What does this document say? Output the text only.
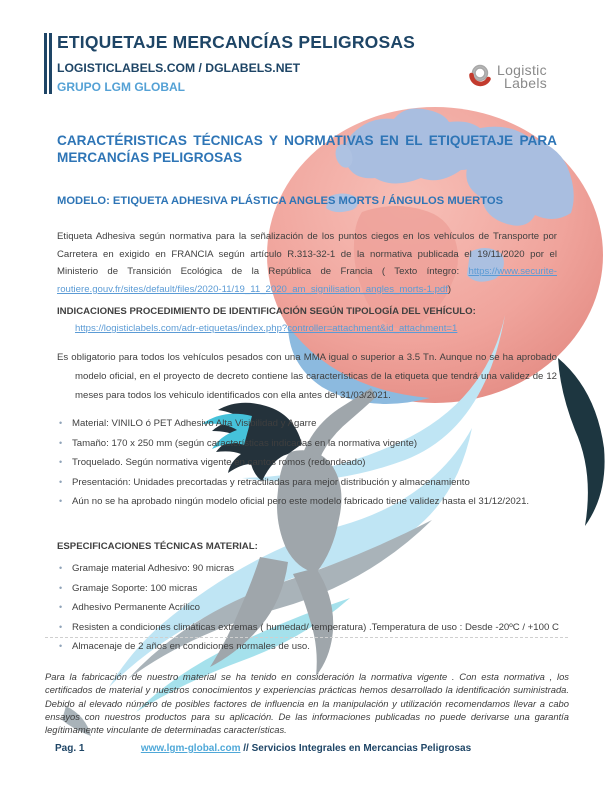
ETIQUETAJE MERCANCÍAS PELIGROSAS
LOGISTICLABELS.COM / DGLABELS.NET
GRUPO LGM GLOBAL
Logistic
Labels
CARACTÉRISTICAS TÉCNICAS Y NORMATIVAS EN EL ETIQUETAJE PARA MERCANCÍAS PELIGROSAS
MODELO: ETIQUETA ADHESIVA PLÁSTICA ANGLES MORTS / ÁNGULOS MUERTOS
Etiqueta Adhesiva según normativa para la señalización de los puntos ciegos en los vehículos de Transporte por Carretera en exigido en FRANCIA según artículo R.313-32-1 de la normativa publicada el 19/11/2020 por el Ministerio de Transición Ecológica de la República de Francia ( Texto íntegro: https://www.securite-routiere.gouv.fr/sites/default/files/2020-11/19_11_2020_am_signilisation_angles_morts-1.pdf)
INDICACIONES PROCEDIMIENTO DE IDENTIFICACIÓN SEGÚN TIPOLOGÍA DEL VEHÍCULO:
https://logisticlabels.com/adr-etiquetas/index.php?controller=attachment&id_attachment=1
Es obligatorio para todos los vehículos pesados con una MMA igual o superior a 3.5 Tn. Aunque no se ha aprobado modelo oficial, en el proyecto de decreto contiene las características de la etiqueta que tendrá una validez de 12 meses para todos los vehiculo identificados con ella antes del 31/03/2021.
• Material: VINILO ó PET Adhesivo Alta Visibilidad y Agarre
• Tamaño: 170 x 250 mm (según características indicadas en la normativa vigente)
• Troquelado. Según normativa vigente en cantos romos (redondeado)
• Presentación: Unidades precortadas y retractiladas para mejor distribución y almacenamiento
• Aún no se ha aprobado ningún modelo oficial pero este modelo fabricado tiene validez hasta el 31/12/2021.
ESPECIFICACIONES TÉCNICAS MATERIAL:
• Gramaje material Adhesivo: 90 micras
• Gramaje Soporte: 100 micras
• Adhesivo Permanente Acrílico
• Resisten a condiciones climáticas extremas ( humedad/ temperatura) .Temperatura de uso : Desde -20ºC / +100 C
• Almacenaje de 2 años en condiciones normales de uso.
Para la fabricación de nuestro material se ha tenido en consideración la normativa vigente . Con esta normativa , los certificados de material y nuestros conocimientos y experiencias prácticas hemos desarrollado la identificación suministrada. Debido al elevado número de posibles factores de influencia en la manipulación y utilización recomendamos llevar a cabo ensayos con nuestros productos para su aplicación. De las informaciones publicadas no puede derivarse una garantía legítimamente vinculante de determinadas características.
www.lgm-global.com // Servicios Integrales en Mercancias Peligrosas
Pag. 1
